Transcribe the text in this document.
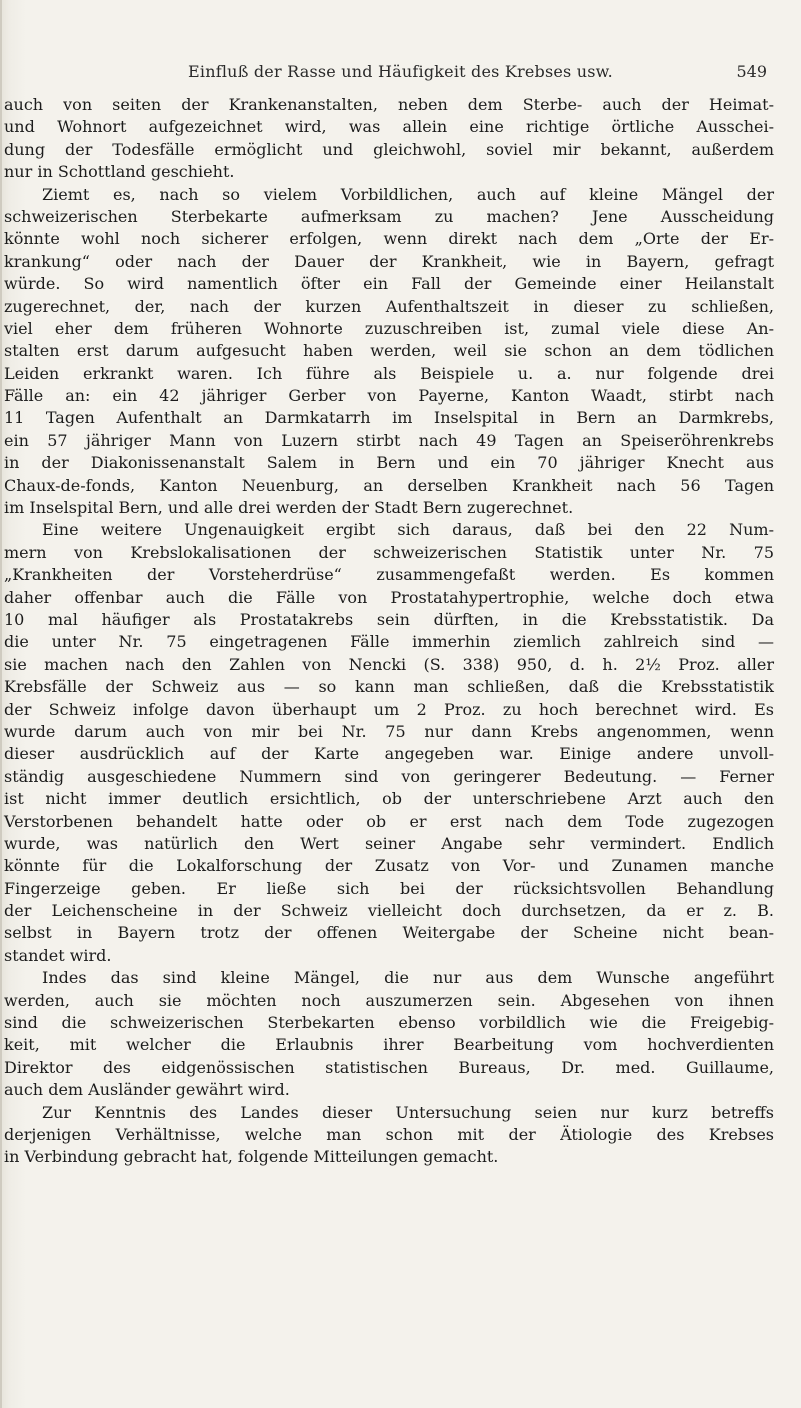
Einfluß der Rasse und Häufigkeit des Krebses usw.	549
auch von seiten der Krankenanstalten, neben dem Sterbe- auch der Heimat-
und Wohnort aufgezeichnet wird, was allein eine richtige örtliche Ausschei-
dung der Todesfälle ermöglicht und gleichwohl, soviel mir bekannt, außerdem
nur in Schottland geschieht.
Ziemt es, nach so vielem Vorbildlichen, auch auf kleine Mängel der
schweizerischen Sterbekarte aufmerksam zu machen? Jene Ausscheidung
könnte wohl noch sicherer erfolgen, wenn direkt nach dem „Orte der Er-
krankung“ oder nach der Dauer der Krankheit, wie in Bayern, gefragt
würde. So wird namentlich öfter ein Fall der Gemeinde einer Heilanstalt
zugerechnet, der, nach der kurzen Aufenthaltszeit in dieser zu schließen,
viel eher dem früheren Wohnorte zuzuschreiben ist, zumal viele diese An-
stalten erst darum aufgesucht haben werden, weil sie schon an dem tödlichen
Leiden erkrankt waren. Ich führe als Beispiele u. a. nur folgende drei
Fälle an: ein 42 jähriger Gerber von Payerne, Kanton Waadt, stirbt nach
11 Tagen Aufenthalt an Darmkatarrh im Inselspital in Bern an Darmkrebs,
ein 57 jähriger Mann von Luzern stirbt nach 49 Tagen an Speiseröhrenkrebs
in der Diakonissenanstalt Salem in Bern und ein 70 jähriger Knecht aus
Chaux-de-fonds, Kanton Neuenburg, an derselben Krankheit nach 56 Tagen
im Inselspital Bern, und alle drei werden der Stadt Bern zugerechnet.
Eine weitere Ungenauigkeit ergibt sich daraus, daß bei den 22 Num-
mern von Krebslokalisationen der schweizerischen Statistik unter Nr. 75
„Krankheiten der Vorsteherdrüse“ zusammengefaßt werden. Es kommen
daher offenbar auch die Fälle von Prostatahypertrophie, welche doch etwa
10 mal häufiger als Prostatakrebs sein dürften, in die Krebsstatistik. Da
die unter Nr. 75 eingetragenen Fälle immerhin ziemlich zahlreich sind —
sie machen nach den Zahlen von Nencki (S. 338) 950, d. h. 2½ Proz. aller
Krebsfälle der Schweiz aus — so kann man schließen, daß die Krebsstatistik
der Schweiz infolge davon überhaupt um 2 Proz. zu hoch berechnet wird. Es
wurde darum auch von mir bei Nr. 75 nur dann Krebs angenommen, wenn
dieser ausdrücklich auf der Karte angegeben war. Einige andere unvoll-
ständig ausgeschiedene Nummern sind von geringerer Bedeutung. — Ferner
ist nicht immer deutlich ersichtlich, ob der unterschriebene Arzt auch den
Verstorbenen behandelt hatte oder ob er erst nach dem Tode zugezogen
wurde, was natürlich den Wert seiner Angabe sehr vermindert. Endlich
könnte für die Lokalforschung der Zusatz von Vor- und Zunamen manche
Fingerzeige geben. Er ließe sich bei der rücksichtsvollen Behandlung
der Leichenscheine in der Schweiz vielleicht doch durchsetzen, da er z. B.
selbst in Bayern trotz der offenen Weitergabe der Scheine nicht bean-
standet wird.
Indes das sind kleine Mängel, die nur aus dem Wunsche angeführt
werden, auch sie möchten noch auszumerzen sein. Abgesehen von ihnen
sind die schweizerischen Sterbekarten ebenso vorbildlich wie die Freigebig-
keit, mit welcher die Erlaubnis ihrer Bearbeitung vom hochverdienten
Direktor des eidgenössischen statistischen Bureaus, Dr. med. Guillaume,
auch dem Ausländer gewährt wird.
Zur Kenntnis des Landes dieser Untersuchung seien nur kurz betreffs
derjenigen Verhältnisse, welche man schon mit der Ätiologie des Krebses
in Verbindung gebracht hat, folgende Mitteilungen gemacht.
